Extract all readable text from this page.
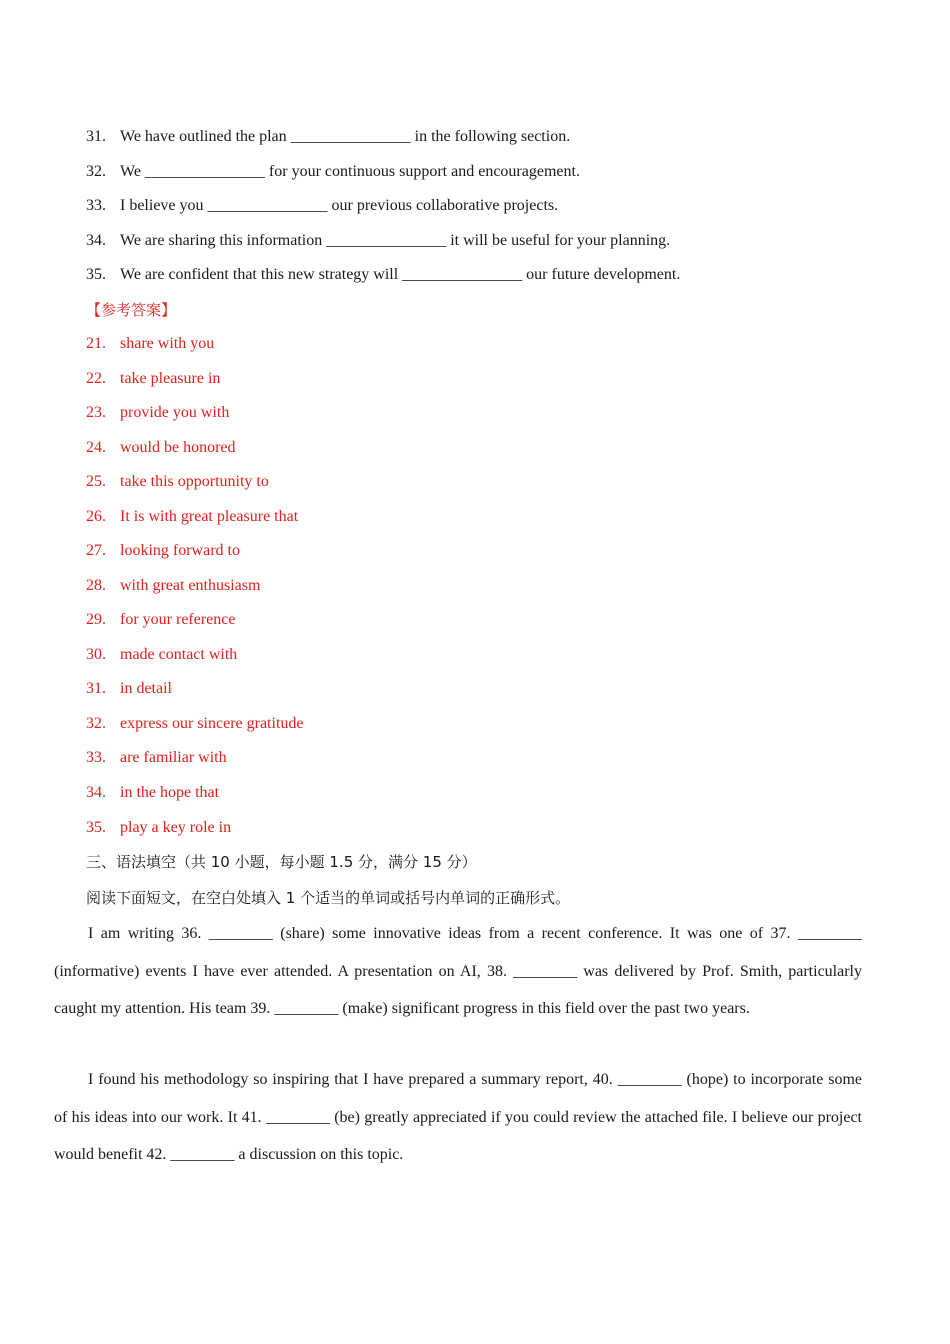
31. We have outlined the plan _______________ in the following section.
32. We _______________ for your continuous support and encouragement.
33. I believe you _______________ our previous collaborative projects.
34. We are sharing this information _______________ it will be useful for your planning.
35. We are confident that this new strategy will _______________ our future development.
【参考答案】
21. share with you
22. take pleasure in
23. provide you with
24. would be honored
25. take this opportunity to
26. It is with great pleasure that
27. looking forward to
28. with great enthusiasm
29. for your reference
30. made contact with
31. in detail
32. express our sincere gratitude
33. are familiar with
34. in the hope that
35. play a key role in
三、语法填空（共 10 小题，每小题 1.5 分，满分 15 分）
阅读下面短文，在空白处填入 1 个适当的单词或括号内单词的正确形式。
I am writing 36. ________ (share) some innovative ideas from a recent conference. It was one of 37. ________ (informative) events I have ever attended. A presentation on AI, 38. ________ was delivered by Prof. Smith, particularly caught my attention. His team 39. ________ (make) significant progress in this field over the past two years.
I found his methodology so inspiring that I have prepared a summary report, 40. ________ (hope) to incorporate some of his ideas into our work. It 41. ________ (be) greatly appreciated if you could review the attached file. I believe our project would benefit 42. ________ a discussion on this topic.
